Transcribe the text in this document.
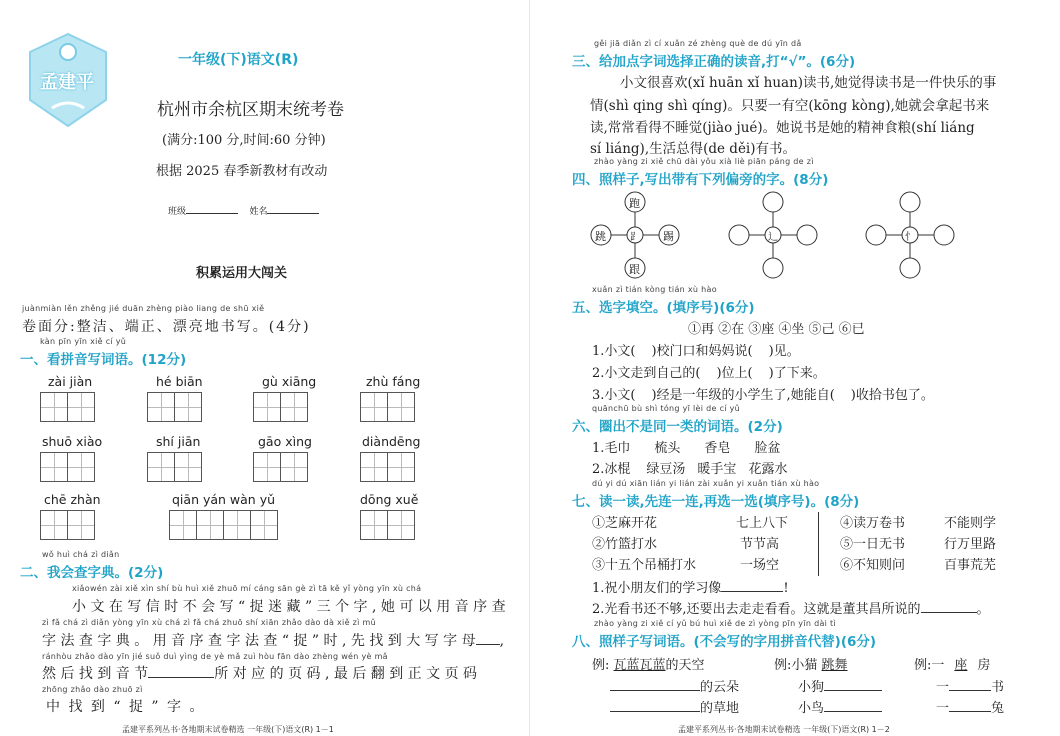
孟建平
一年级(下)语文(R)
杭州市余杭区期末统考卷
(满分:100 分,时间:60 分钟)
根据 2025 春季新教材有改动
班级	姓名
积累运用大闯关
juànmiàn lěn zhěng jié duān zhèng piào liang de shū xiě
卷面分:整洁、端正、漂亮地书写。(4分)
kàn pīn yīn xiě cí yǔ
一、看拼音写词语。(12分)
zài jiàn	hé biān	gù xiāng	zhù fáng
shuō xiào	shí jiān	gāo xìng	diàndēng
chē zhàn	qiān yán wàn yǔ	dōng xuě
wǒ huì chá zì diǎn
二、我会查字典。(2分)
xiǎowén zài xiě xìn shí bù huì xiě zhuō mí cáng sān gè zì tā kě yǐ yòng yīn xù chá
小 文 在 写 信 时 不 会 写 “ 捉 迷 藏 ” 三 个 字 , 她 可 以 用 音 序 查
zì fǎ chá zì diǎn yòng yīn xù chá zì fǎ chá zhuō shí xiān zhǎo dào dà xiě zì mǔ
字 法 查 字 典 。 用 音 序 查 字 法 查 “ 捉 ” 时 , 先 找 到 大 写 字 母 ,
ránhòu zhǎo dào yīn jié suǒ duì yìng de yè mǎ zuì hòu fān dào zhèng wén yè mǎ
然 后 找 到 音 节	所 对 应 的 页 码 , 最 后 翻 到 正 文 页 码
zhōng zhǎo dào zhuō zì
中 找 到 “ 捉 ” 字 。
孟建平系列丛书·各地期末试卷精选 一年级(下)语文(R) 1－1
gěi jiā diǎn zì cí xuǎn zé zhèng què de dú yīn dǎ
三、给加点字词选择正确的读音,打“√”。(6分)
小文很喜欢(xǐ huān xǐ huan)读书,她觉得读书是一件快乐的事
情(shì qing shì qíng)。只要一有空(kōng kòng),她就会拿起书来
读,常常看得不睡觉(jiào jué)。她说书是她的精神食粮(shí liáng
sí liáng),生活总得(de děi)有书。
zhào yàng zi xiě chū dài yǒu xià liè piān páng de zì
四、照样子,写出带有下列偏旁的字。(8分)
跑
跳	踢
跟
⻊	辶	忄
xuǎn zì tián kòng tián xù hào
五、选字填空。(填序号)(6分)
①再 ②在 ③座 ④坐 ⑤己 ⑥已
1.小文( )校门口和妈妈说( )见。
2.小文走到自己的( )位上( )了下来。
3.小文( )经是一年级的小学生了,她能自( )收拾书包了。
quānchū bù shì tóng yī lèi de cí yǔ
六、圈出不是同一类的词语。(2分)
1.毛巾 梳头 香皂 脸盆
2.冰棍 绿豆汤 暖手宝 花露水
dú yi dú xiān lián yi lián zài xuǎn yi xuǎn tián xù hào
七、读一读,先连一连,再选一选(填序号)。(8分)
①芝麻开花	七上八下
②竹篮打水	节节高
③十五个吊桶打水	一场空
④读万卷书	不能则学
⑤一日无书	行万里路
⑥不知则问	百事荒芜
1.祝小朋友们的学习像	!
2.光看书还不够,还要出去走走看看。这就是董其昌所说的	。
zhào yàng zi xiě cí yǔ bú huì xiě de zì yòng pīn yīn dài tì
八、照样子写词语。(不会写的字用拼音代替)(6分)
例: 瓦蓝瓦蓝的天空	例:小猫 跳舞	例:一 座 房
的云朵	小狗	一	书
的草地	小鸟	一	兔
孟建平系列丛书·各地期末试卷精选 一年级(下)语文(R) 1－2
